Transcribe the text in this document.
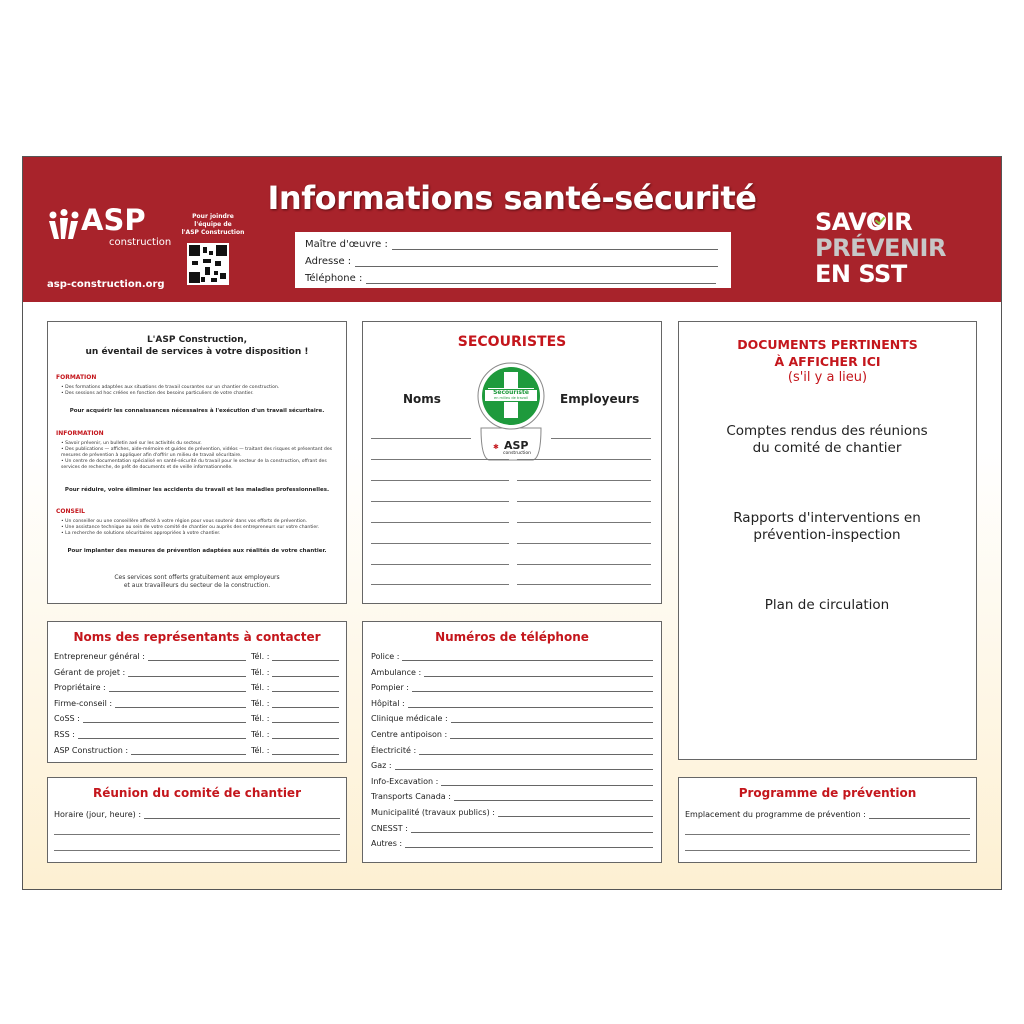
Informations santé-sécurité
ASP
construction
asp-construction.org
Pour joindre
l'équipe de
l'ASP Construction
Maître d'œuvre :
Adresse :
Téléphone :
SAVOIR
PRÉVENIR
EN SST
L'ASP Construction,
un éventail de services à votre disposition !
FORMATION
• Des formations adaptées aux situations de travail courantes sur un chantier de construction.
• Des sessions ad hoc créées en fonction des besoins particuliers de votre chantier.
Pour acquérir les connaissances nécessaires à l'exécution d'un travail sécuritaire.
INFORMATION
• Savoir prévenir, un bulletin axé sur les activités du secteur.
• Des publications — affiches, aide-mémoire et guides de prévention, vidéos — traitant des risques et présentant des mesures de prévention à appliquer afin d'offrir un milieu de travail sécuritaire.
• Un centre de documentation spécialisé en santé-sécurité du travail pour le secteur de la construction, offrant des services de recherche, de prêt de documents et de veille informationnelle.
Pour réduire, voire éliminer les accidents du travail et les maladies professionnelles.
CONSEIL
• Un conseiller ou une conseillère affecté à votre région pour vous soutenir dans vos efforts de prévention.
• Une assistance technique au sein de votre comité de chantier ou auprès des entrepreneurs sur votre chantier.
• La recherche de solutions sécuritaires appropriées à votre chantier.
Pour implanter des mesures de prévention adaptées aux réalités de votre chantier.
Ces services sont offerts gratuitement aux employeurs
et aux travailleurs du secteur de la construction.
SECOURISTES
Noms	Employeurs
Secouriste
en milieu de travail
✱ ASP
construction
DOCUMENTS PERTINENTS
À AFFICHER ICI
(s'il y a lieu)
Comptes rendus des réunions
du comité de chantier
Rapports d'interventions en
prévention-inspection
Plan de circulation
Noms des représentants à contacter
Entrepreneur général :	Tél. :
Gérant de projet :	Tél. :
Propriétaire :	Tél. :
Firme-conseil :	Tél. :
CoSS :	Tél. :
RSS :	Tél. :
ASP Construction :	Tél. :
Numéros de téléphone
Police :
Ambulance :
Pompier :
Hôpital :
Clinique médicale :
Centre antipoison :
Électricité :
Gaz :
Info-Excavation :
Transports Canada :
Municipalité (travaux publics) :
CNESST :
Autres :
Réunion du comité de chantier
Horaire (jour, heure) :
Programme de prévention
Emplacement du programme de prévention :
